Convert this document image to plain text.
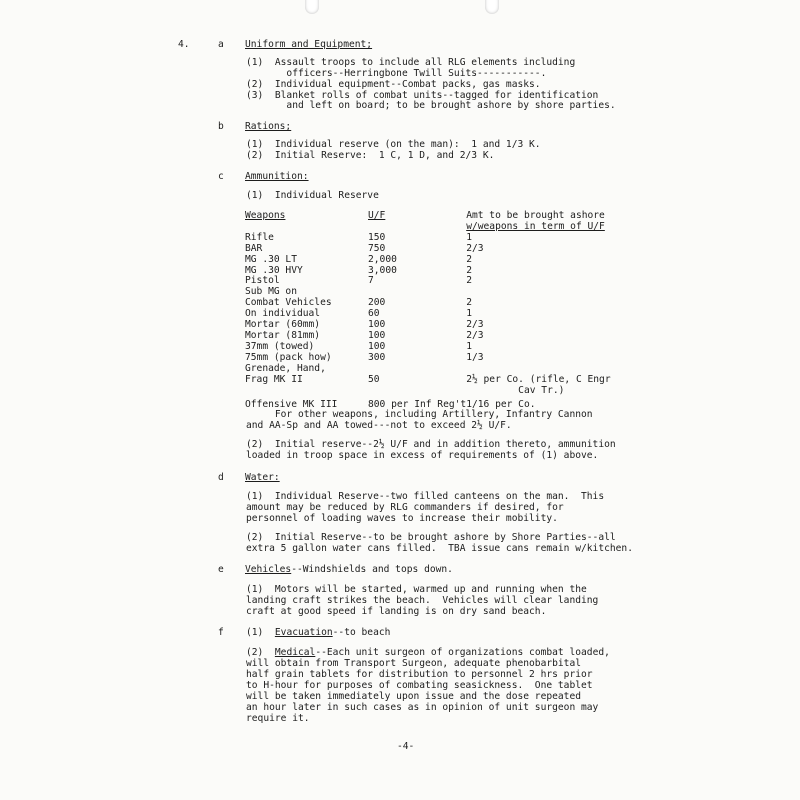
4.	a Uniform and Equipment;
(1)  Assault troops to include all RLG elements including
officers--Herringbone Twill Suits-----------.
(2)  Individual equipment--Combat packs, gas masks.
(3)  Blanket rolls of combat units--tagged for identification
and left on board; to be brought ashore by shore parties.
b Rations;
(1)  Individual reserve (on the man):  1 and 1/3 K.
(2)  Initial Reserve:  1 C, 1 D, and 2/3 K.
c Ammunition:
(1)  Individual Reserve
Weapons	U/F	Amt to be brought ashore
		w/weapons in term of U/F
Rifle	150	1
BAR	750	2/3
MG .30 LT	2,000	2
MG .30 HVY	3,000	2
Pistol	7	2
Sub MG on		
Combat Vehicles	200	2
On individual	60	1
Mortar (60mm)	100	2/3
Mortar (81mm)	100	2/3
37mm (towed)	100	1
75mm (pack how)	300	1/3
Grenade, Hand,		
Frag MK II	50	2½ per Co. (rifle, C Engr
		Cav Tr.)

Offensive MK III	800 per Inf Reg't	1/16 per Co.
For other weapons, including Artillery, Infantry Cannon
and AA-Sp and AA towed---not to exceed 2½ U/F.
(2)  Initial reserve--2½ U/F and in addition thereto, ammunition
loaded in troop space in excess of requirements of (1) above.
d Water:
(1)  Individual Reserve--two filled canteens on the man.  This
amount may be reduced by RLG commanders if desired, for
personnel of loading waves to increase their mobility.
(2)  Initial Reserve--to be brought ashore by Shore Parties--all
extra 5 gallon water cans filled.  TBA issue cans remain w/kitchen.
e Vehicles--Windshields and tops down.
(1)  Motors will be started, warmed up and running when the
landing craft strikes the beach.  Vehicles will clear landing
craft at good speed if landing is on dry sand beach.
f (1)  Evacuation--to beach
(2)  Medical--Each unit surgeon of organizations combat loaded,
will obtain from Transport Surgeon, adequate phenobarbital
half grain tablets for distribution to personnel 2 hrs prior
to H-hour for purposes of combating seasickness.  One tablet
will be taken immediately upon issue and the dose repeated
an hour later in such cases as in opinion of unit surgeon may
require it.
-4-
